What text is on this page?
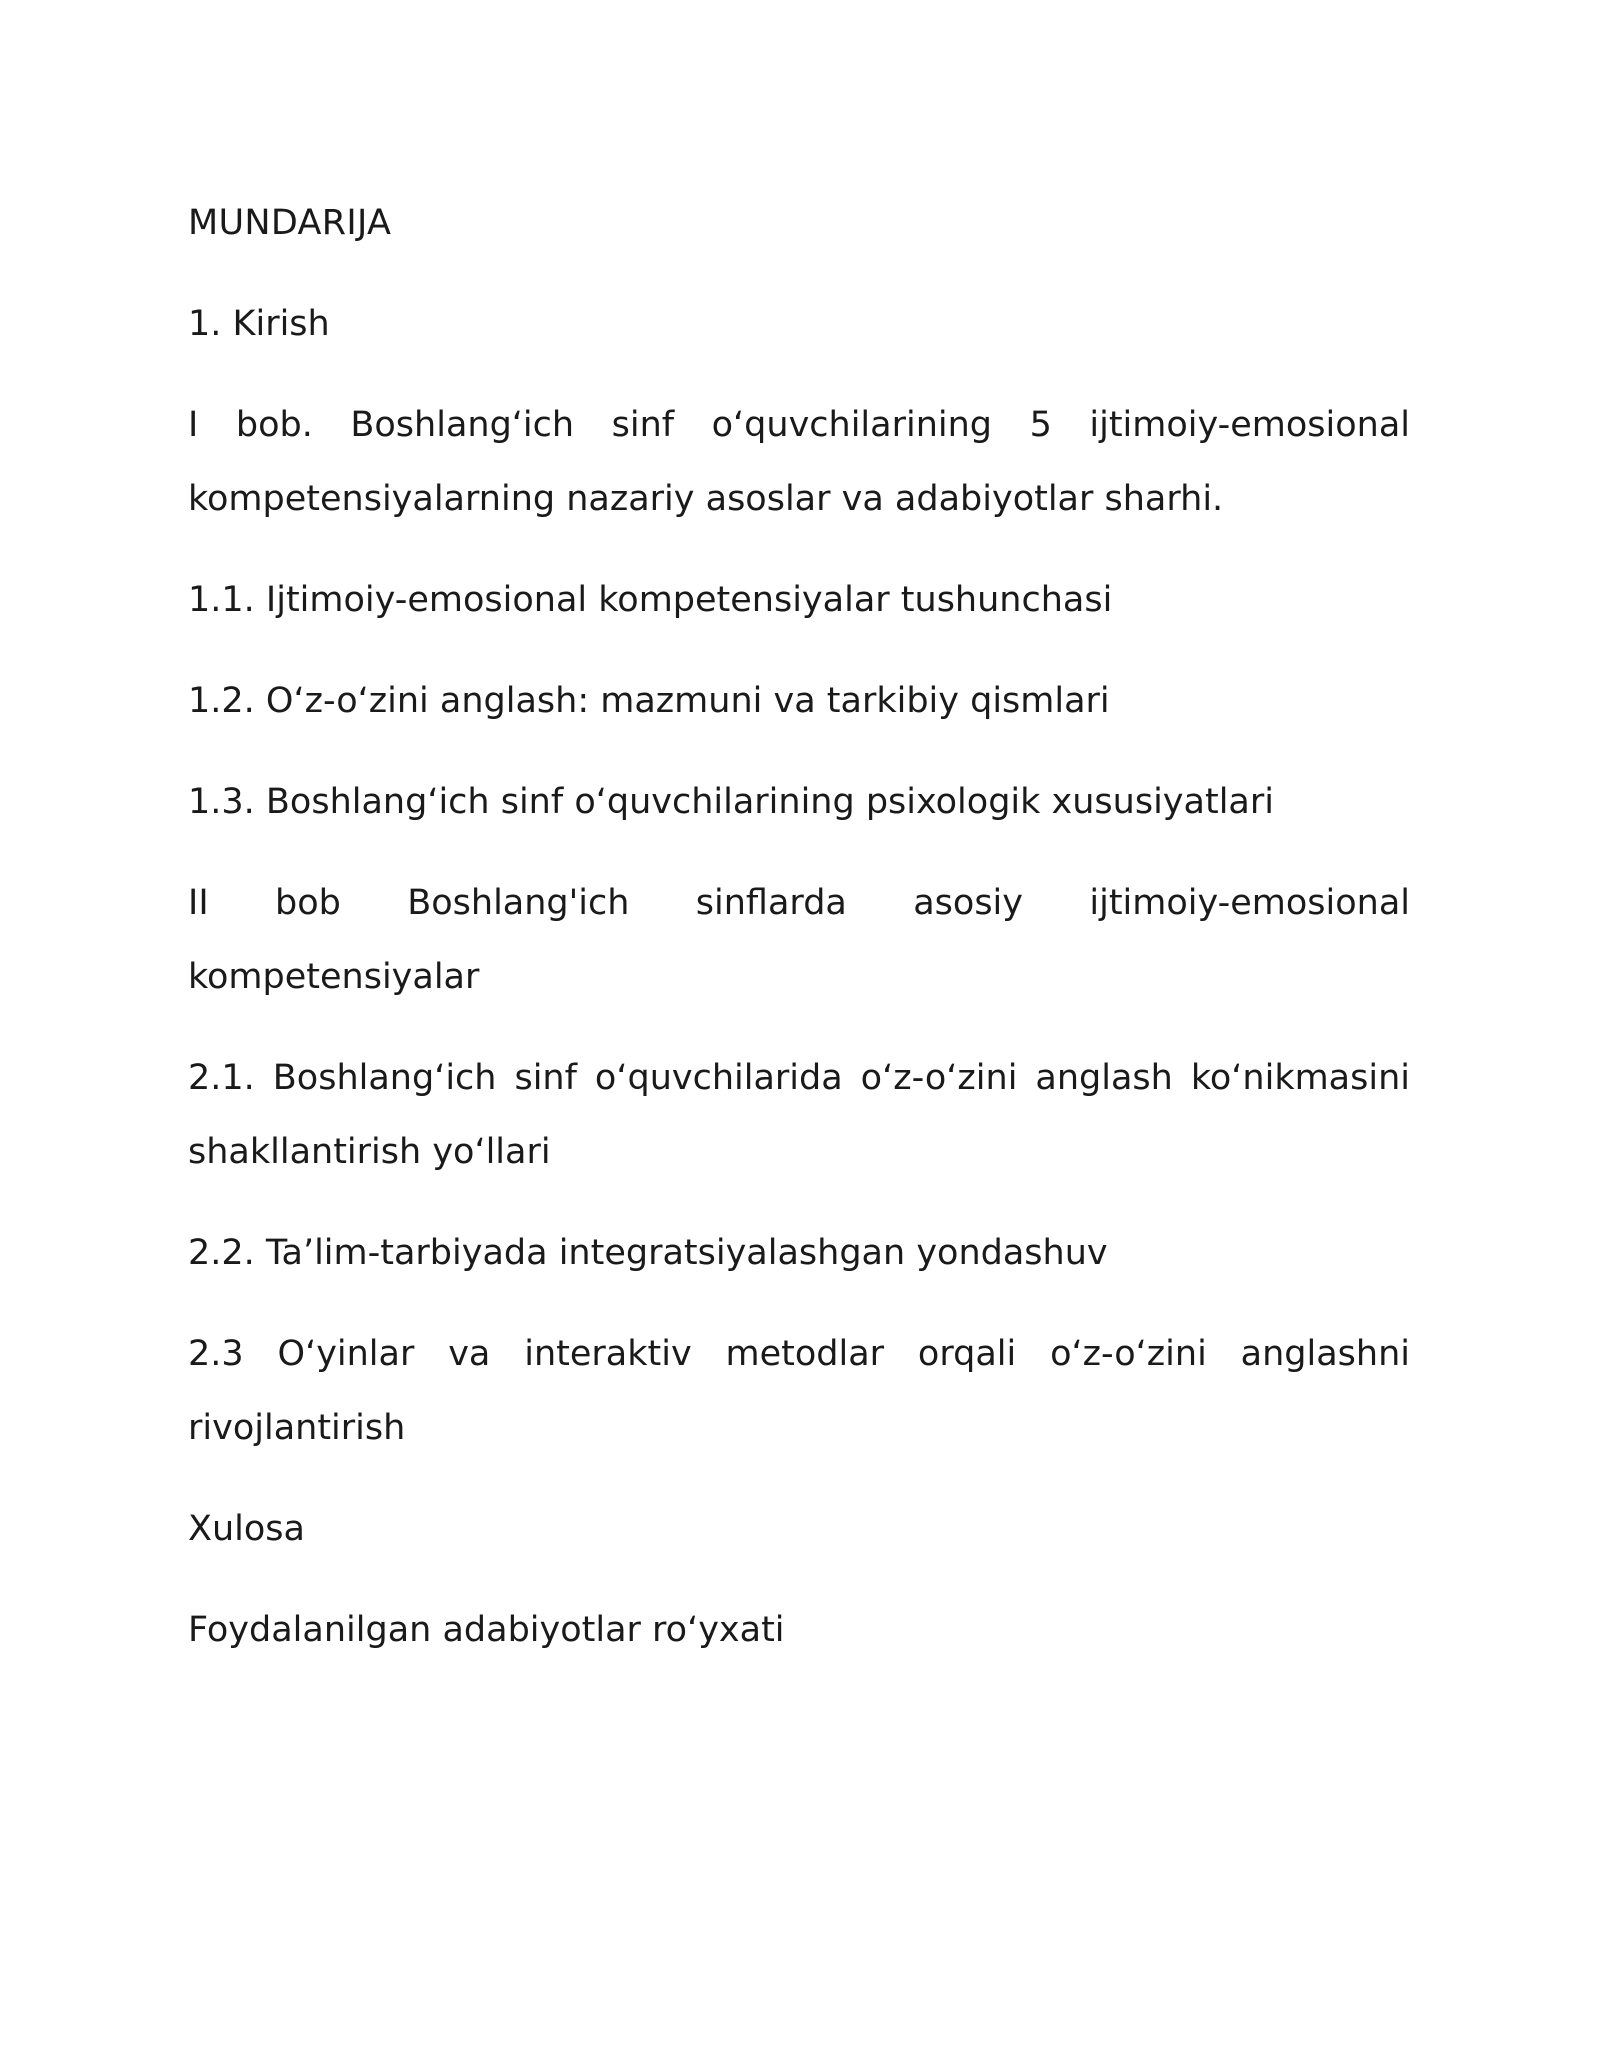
MUNDARIJA
1. Kirish
I bob. Boshlang‘ich sinf o‘quvchilarining 5 ijtimoiy-emosional kompetensiyalarning nazariy asoslar va adabiyotlar sharhi.
1.1. Ijtimoiy-emosional kompetensiyalar tushunchasi
1.2. O‘z-o‘zini anglash: mazmuni va tarkibiy qismlari
1.3. Boshlang‘ich sinf o‘quvchilarining psixologik xususiyatlari
II bob Boshlang'ich sinflarda asosiy ijtimoiy-emosional kompetensiyalar
2.1. Boshlang‘ich sinf o‘quvchilarida o‘z-o‘zini anglash ko‘nikmasini shakllantirish yo‘llari
2.2. Ta’lim-tarbiyada integratsiyalashgan yondashuv
2.3 O‘yinlar va interaktiv metodlar orqali o‘z-o‘zini anglashni rivojlantirish
Xulosa
Foydalanilgan adabiyotlar ro‘yxati
